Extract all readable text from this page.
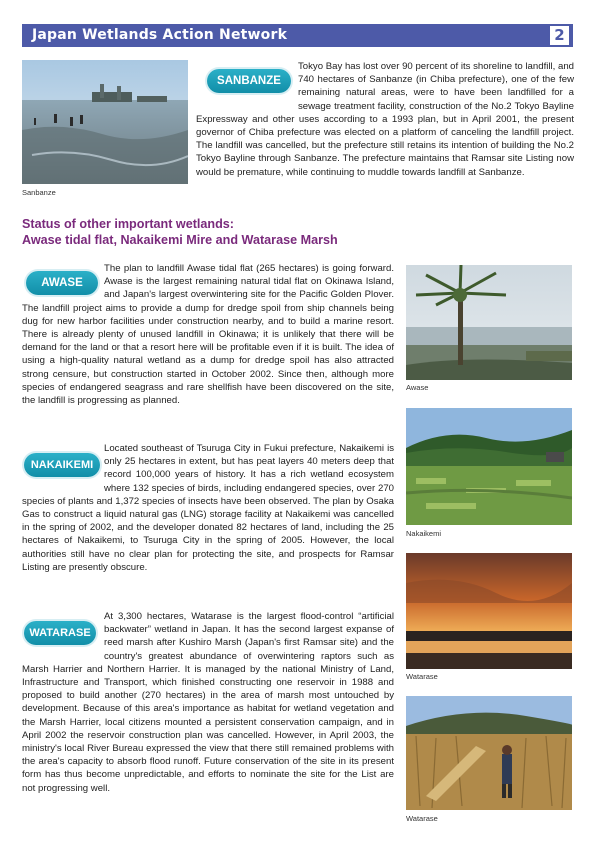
Japan Wetlands Action Network	2
Sanbanze
SANBANZE
Tokyo Bay has lost over 90 percent of its shoreline to landfill, and 740 hectares of Sanbanze (in Chiba prefecture), one of the few remaining natural areas, were to have been landfilled for a sewage treatment facility, construction of the No.2 Tokyo Bayline Expressway and other uses according to a 1993 plan, but in April 2001, the present governor of Chiba prefecture was elected on a platform of canceling the landfill project. The landfill was cancelled, but the prefecture still retains its intention of building the No.2 Tokyo Bayline through Sanbanze. The prefecture maintains that Ramsar site Listing now would be premature, while continuing to muddle towards landfill at Sanbanze.
Status of other important wetlands:
Awase tidal flat, Nakaikemi Mire and Watarase Marsh
AWASE
The plan to landfill Awase tidal flat (265 hectares) is going forward. Awase is the largest remaining natural tidal flat on Okinawa Island, and Japan's largest overwintering site for the Pacific Golden Plover. The landfill project aims to provide a dump for dredge spoil from ship channels being dug for new harbor facilities under construction nearby, and to build a marine resort. There is already plenty of unused landfill in Okinawa; it is unlikely that there will be demand for the land or that a resort here will be profitable even if it is built. The idea of using a high-quality natural wetland as a dump for dredge spoil has also attracted strong censure, but construction started in October 2002. Since then, although more species of endangered seagrass and rare shellfish have been discovered on the site, the landfill is progressing as planned.
NAKAIKEMI
Located southeast of Tsuruga City in Fukui prefecture, Nakaikemi is only 25 hectares in extent, but has peat layers 40 meters deep that record 100,000 years of history. It has a rich wetland ecosystem where 132 species of birds, including endangered species, over 270 species of plants and 1,372 species of insects have been observed. The plan by Osaka Gas to construct a liquid natural gas (LNG) storage facility at Nakaikemi was cancelled in the spring of 2002, and the developer donated 82 hectares of land, including the 25 hectares of Nakaikemi, to Tsuruga City in the spring of 2005. However, the local authorities still have no clear plan for protecting the site, and prospects for Ramsar Listing are presently obscure.
WATARASE
At 3,300 hectares, Watarase is the largest flood-control “artificial backwater” wetland in Japan. It has the second largest expanse of reed marsh after Kushiro Marsh (Japan's first Ramsar site) and the country's greatest abundance of overwintering raptors such as Marsh Harrier and Northern Harrier. It is managed by the national Ministry of Land, Infrastructure and Transport, which finished constructing one reservoir in 1988 and proposed to build another (270 hectares) in the area of marsh most untouched by development. Because of this area's importance as habitat for wetland vegetation and the Marsh Harrier, local citizens mounted a persistent conservation campaign, and in April 2002 the reservoir construction plan was cancelled. However, in April 2003, the ministry's local River Bureau expressed the view that there still remained problems with the area's capacity to absorb flood runoff. Future conservation of the site in its present form has thus become unpredictable, and efforts to nominate the site for the List are not progressing well.
Awase
Nakaikemi
Watarase
Watarase
